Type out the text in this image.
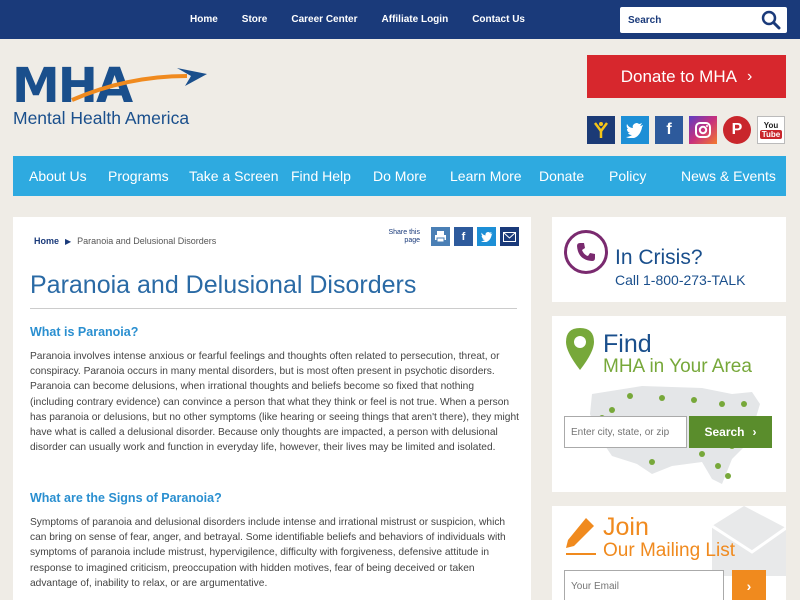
Home Store Career Center Affiliate Login Contact Us
Search
MHA
Mental Health America
Donate to MHA ›
f	P	You
Tube
About Us Programs Take a Screen Find Help Do More Learn More Donate Policy News & Events
Home ▶ Paranoia and Delusional Disorders
Share this page	f
Paranoia and Delusional Disorders
What is Paranoia?

Paranoia involves intense anxious or fearful feelings and thoughts often related to persecution, threat, or conspiracy. Paranoia occurs in many mental disorders, but is most often present in psychotic disorders. Paranoia can become delusions, when irrational thoughts and beliefs become so fixed that nothing (including contrary evidence) can convince a person that what they think or feel is not true. When a person has paranoia or delusions, but no other symptoms (like hearing or seeing things that aren't there), they might have what is called a delusional disorder. Because only thoughts are impacted, a person with delusional disorder can usually work and function in everyday life, however, their lives may be limited and isolated.

What are the Signs of Paranoia?

Symptoms of paranoia and delusional disorders include intense and irrational mistrust or suspicion, which can bring on sense of fear, anger, and betrayal. Some identifiable beliefs and behaviors of individuals with symptoms of paranoia include mistrust, hypervigilence, difficulty with forgiveness, defensive attitude in response to imagined criticism, preoccupation with hidden motives, fear of being deceived or taken advantage of, inability to relax, or are argumentative.

In Crisis?
Call 1-800-273-TALK
Find
MHA in Your Area
Enter city, state, or zip
Search ›
Join
Our Mailing List
Your Email
›
